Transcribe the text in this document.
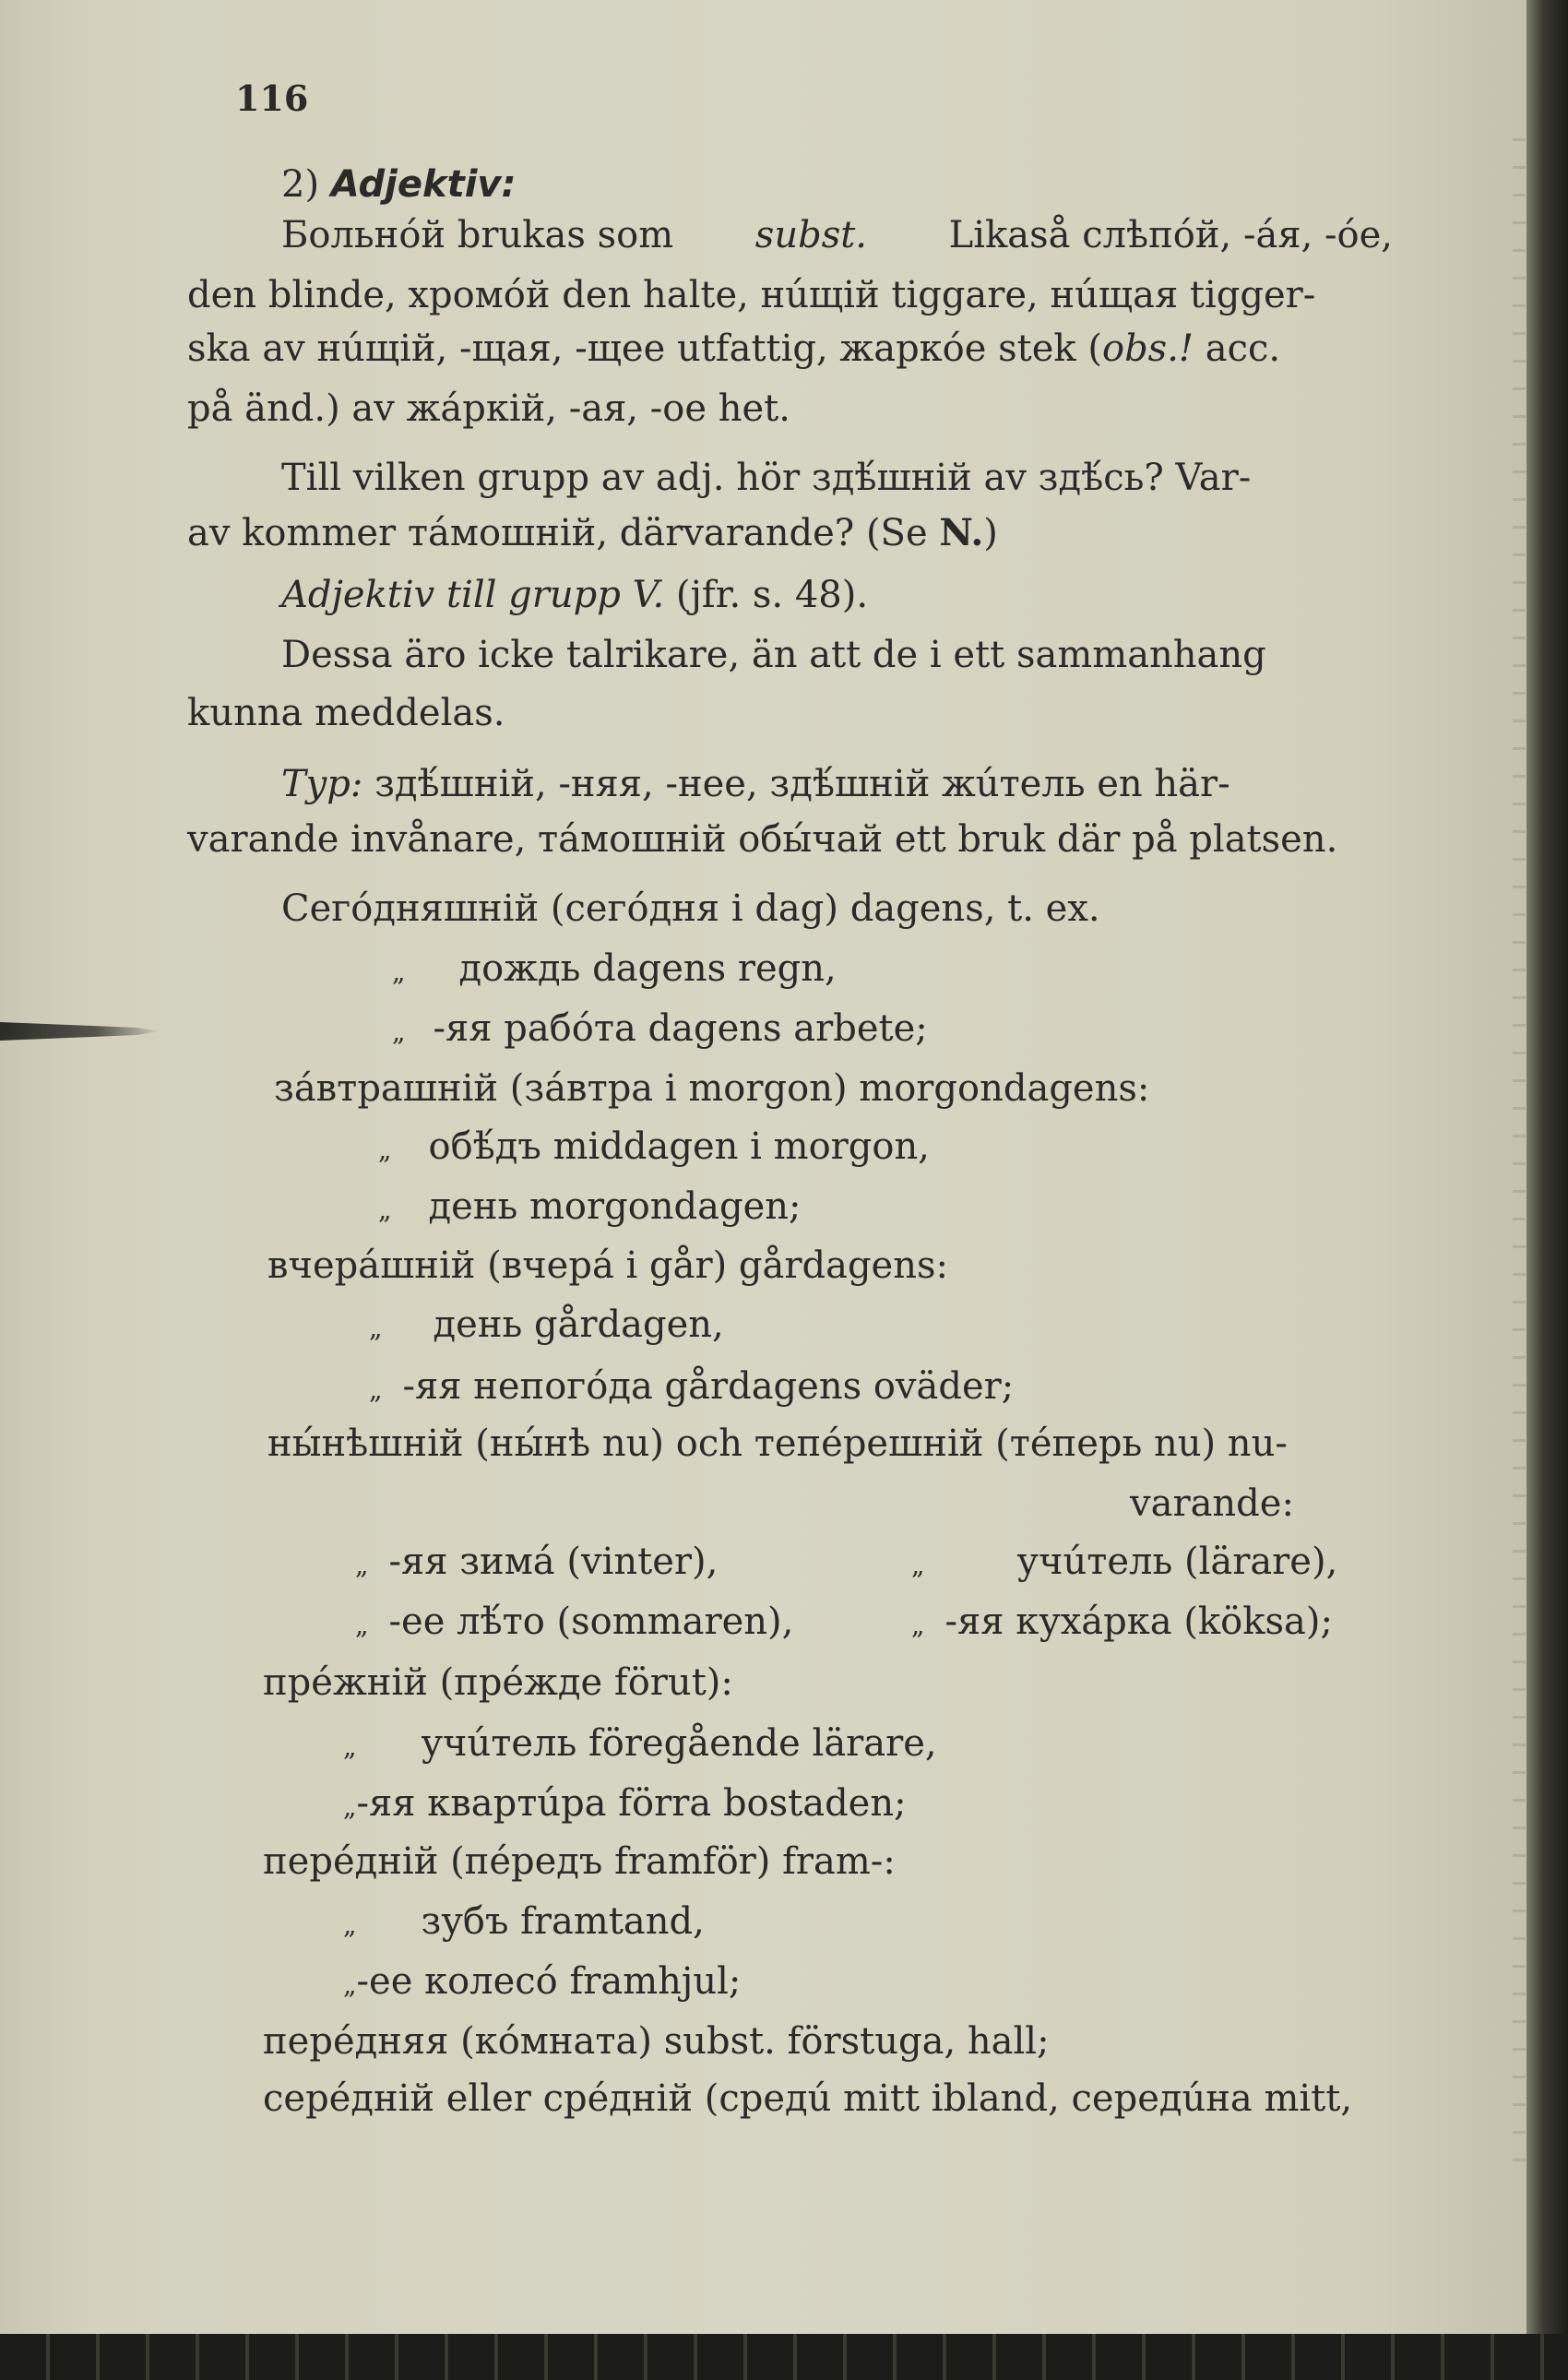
116
2) Adjektiv:
Больнóй brukas som subst. Likaså слѣпóй, -áя, -óе,
den blinde, хромóй den halte, нúщій tiggare, нúщая tigger-
ska av нúщій, -щая, -щее utfattig, жаркóе stek (obs.! acc.
på änd.) av жáркій, -ая, -ое het.
Till vilken grupp av adj. hör здѣ́шній av здѣ́сь? Var-
av kommer тáмошній, därvarande? (Se N.)
Adjektiv till grupp V. (jfr. s. 48).
Dessa äro icke talrikare, än att de i ett sammanhang
kunna meddelas.
Typ: здѣ́шній, -няя, -нее, здѣ́шній жúтель en här-
varande invånare, тáмошній обы́чай ett bruk där på platsen.
Сегóдняшній (сегóдня i dag) dagens, t. ex.
„ дождь dagens regn,
„ -яя рабóта dagens arbete;
зáвтрашній (зáвтра i morgon) morgondagens:
„ обѣ́дъ middagen i morgon,
„ день morgondagen;
вчерáшній (вчерá i går) gårdagens:
„ день gårdagen,
„ -яя непогóда gårdagens oväder;
ны́нѣшній (ны́нѣ nu) och тепéрешній (тéперь nu) nu-
varande:
„ -яя зимá (vinter),	„	учúтель (lärare),
„ -ее лѣ́то (sommaren),	„ -яя кухáрка (köksa);
прéжній (прéжде förut):
„ учúтель föregående lärare,
„-яя квартúра förra bostaden;
перéдній (пéредъ framför) fram-:
„ зубъ framtand,
„-ее колесó framhjul;
перéдняя (кóмната) subst. förstuga, hall;
серéдній eller срéдній (средú mitt ibland, середúна mitt,
